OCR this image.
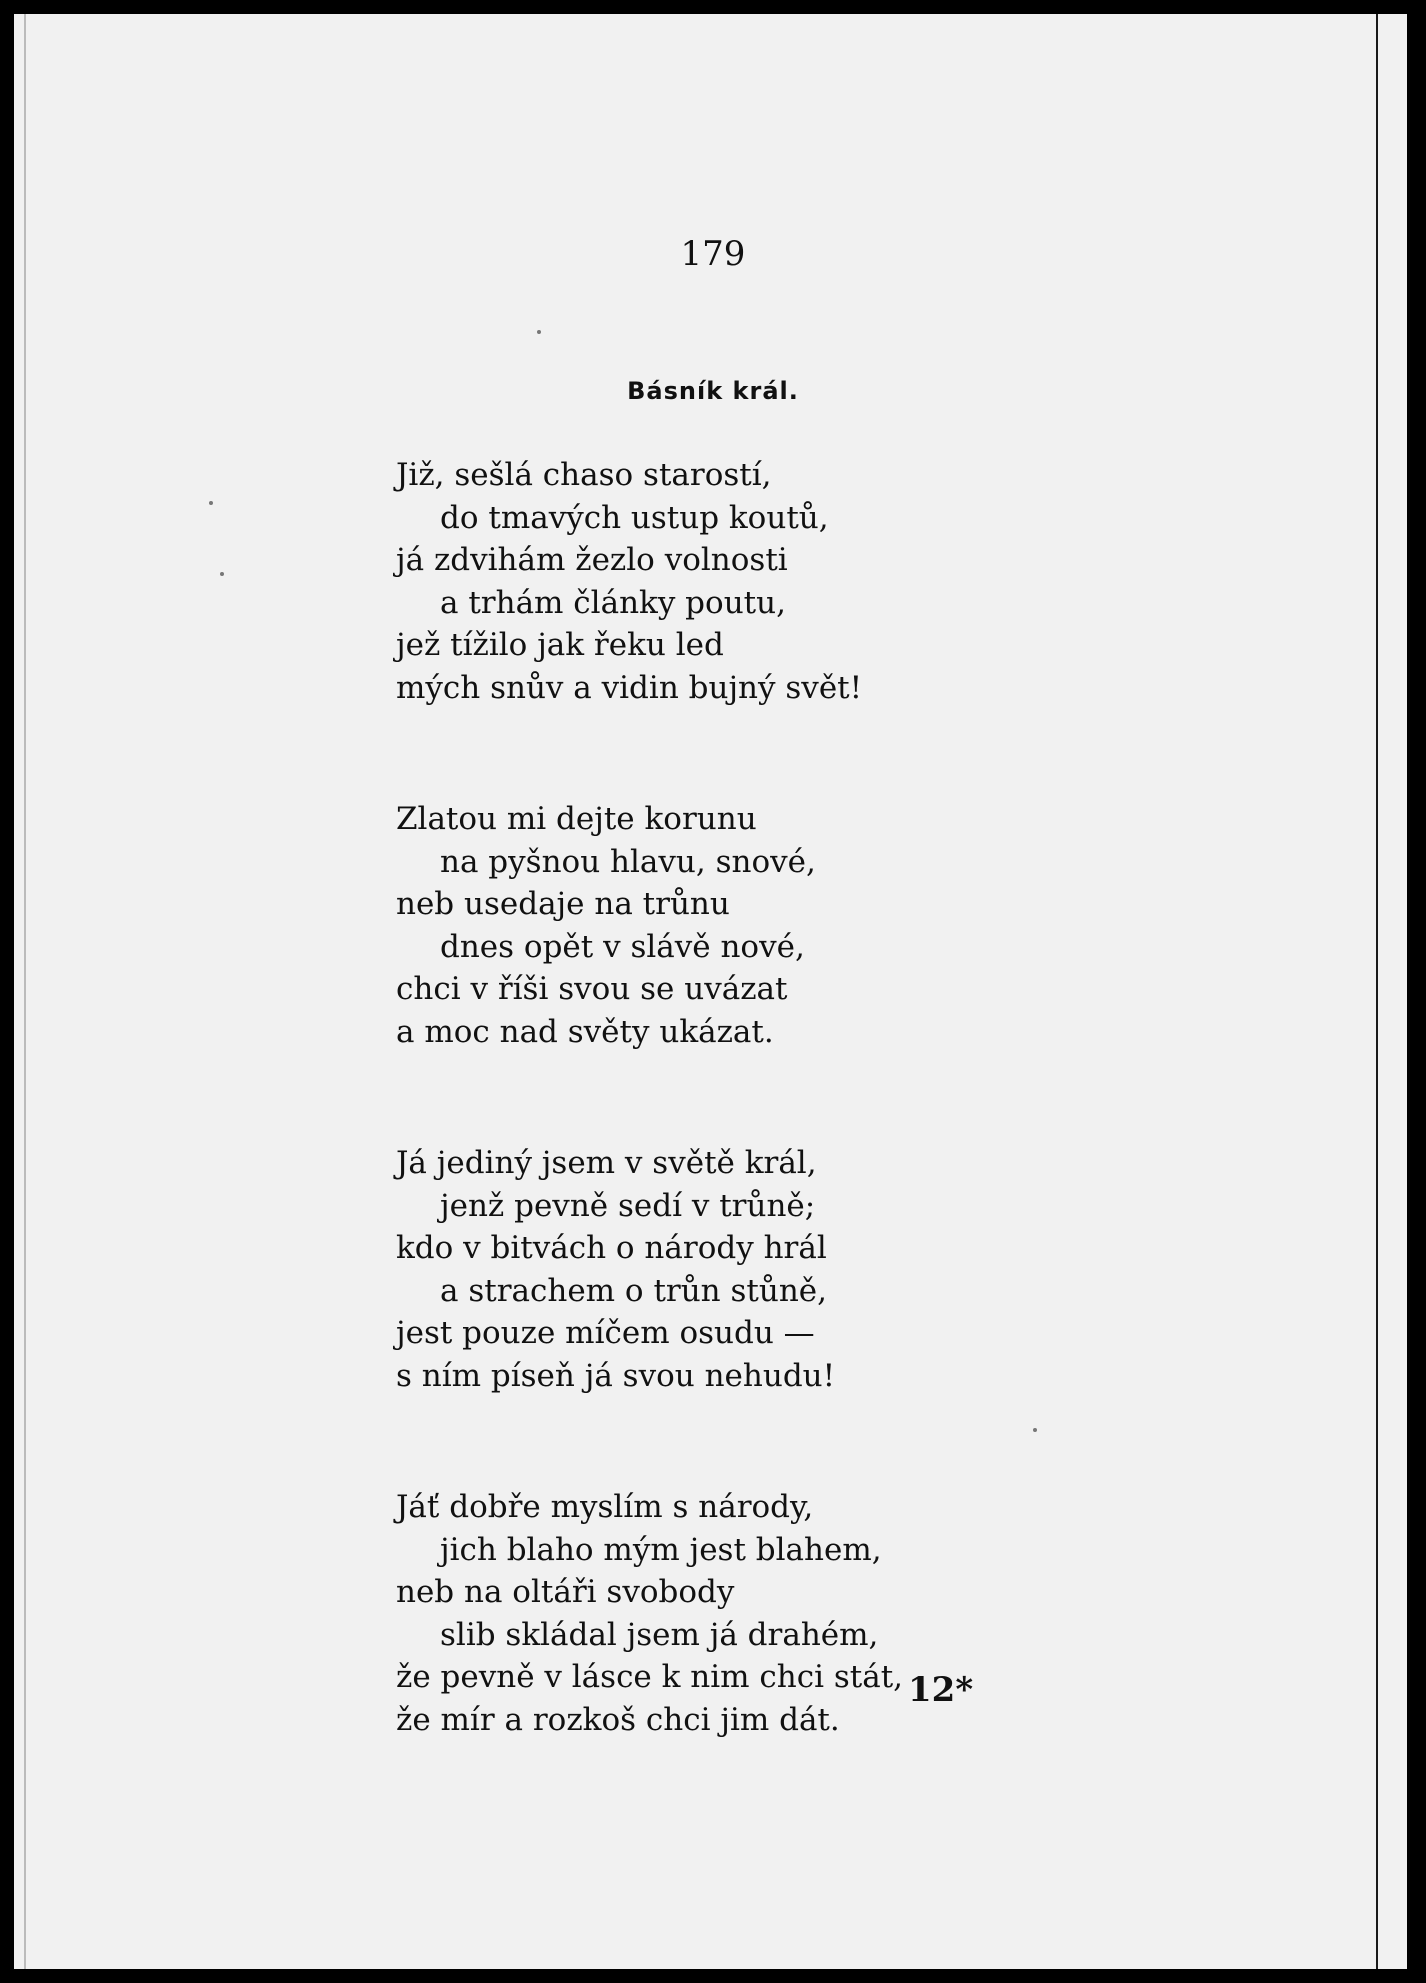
179
Básník král.
Již, sešlá chaso starostí,
do tmavých ustup koutů,
já zdvihám žezlo volnosti
a trhám články poutu,
jež tížilo jak řeku led
mých snův a vidin bujný svět!
Zlatou mi dejte korunu
na pyšnou hlavu, snové,
neb usedaje na trůnu
dnes opět v slávě nové,
chci v říši svou se uvázat
a moc nad světy ukázat.
Já jediný jsem v světě král,
jenž pevně sedí v trůně;
kdo v bitvách o národy hrál
a strachem o trůn stůně,
jest pouze míčem osudu —
s ním píseň já svou nehudu!
Jáť dobře myslím s národy,
jich blaho mým jest blahem,
neb na oltáři svobody
slib skládal jsem já drahém,
že pevně v lásce k nim chci stát,
že mír a rozkoš chci jim dát.
12*
